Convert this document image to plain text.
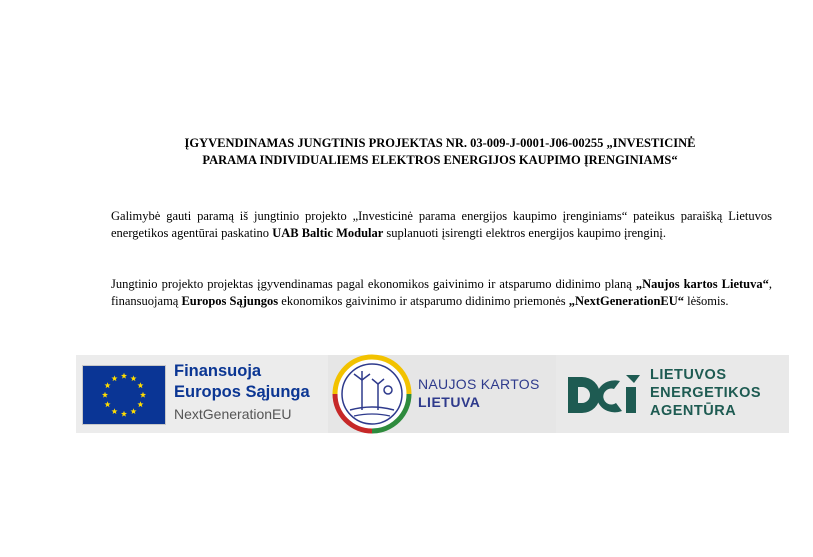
ĮGYVENDINAMAS JUNGTINIS PROJEKTAS NR. 03-009-J-0001-J06-00255 „INVESTICINĖ
PARAMA INDIVIDUALIEMS ELEKTROS ENERGIJOS KAUPIMO ĮRENGINIAMS“

Galimybė gauti paramą iš jungtinio projekto „Investicinė parama energijos kaupimo įrenginiams“ pateikus paraišką Lietuvos energetikos agentūrai paskatino UAB Baltic Modular suplanuoti įsirengti elektros energijos kaupimo įrenginį.

Jungtinio projekto projektas įgyvendinamas pagal ekonomikos gaivinimo ir atsparumo didinimo planą „Naujos kartos Lietuva“, finansuojamą Europos Sąjungos ekonomikos gaivinimo ir atsparumo didinimo priemonės „NextGenerationEU“ lėšomis.

Finansuoja
Europos Sąjunga
NextGenerationEU
NAUJOS KARTOS
LIETUVA
LIETUVOS
ENERGETIKOS
AGENTŪRA
